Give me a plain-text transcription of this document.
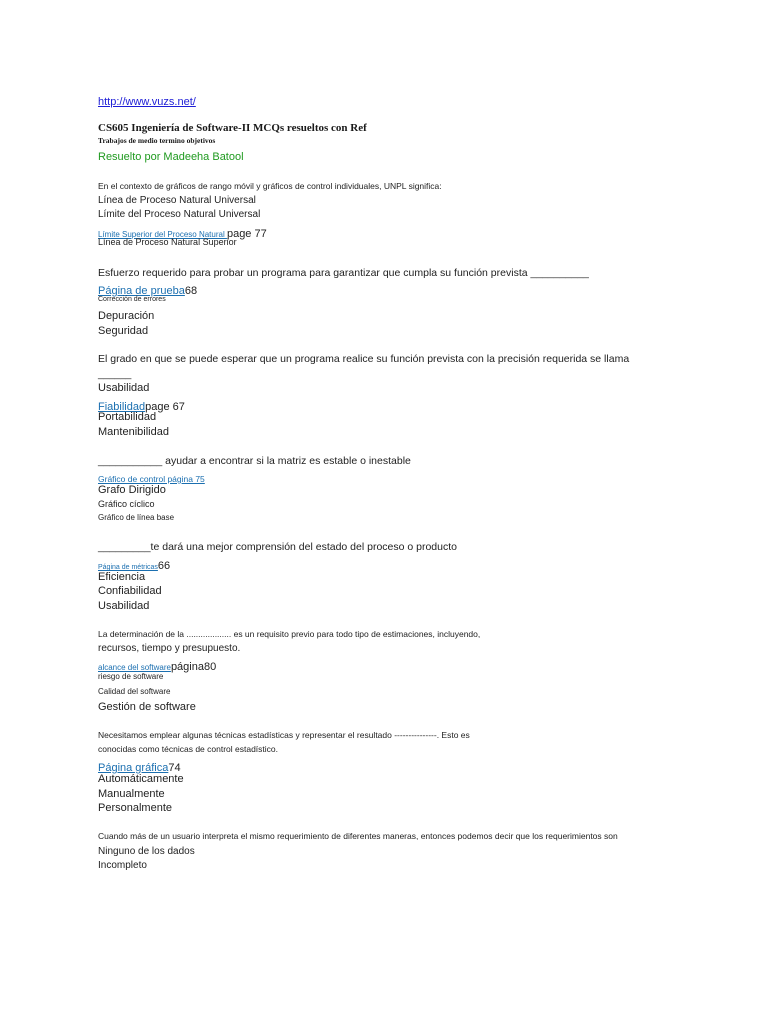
http://www.vuzs.net/
CS605 Ingeniería de Software-II MCQs resueltos con Ref
Trabajos de medio termino objetivos
Resuelto por Madeeha Batool
En el contexto de gráficos de rango móvil y gráficos de control individuales, UNPL significa:
Línea de Proceso Natural Universal
Límite del Proceso Natural Universal
Límite Superior del Proceso Natural page 77
Línea de Proceso Natural Superior
Esfuerzo requerido para probar un programa para garantizar que cumpla su función prevista __________
Página de prueba68
Corrección de errores
Depuración
Seguridad
El grado en que se puede esperar que un programa realice su función prevista con la precisión requerida se llama
______
Usabilidad
Fiabilidadpage 67
Portabilidad
Mantenibilidad
___________ ayudar a encontrar si la matriz es estable o inestable
Gráfico de control página 75
Grafo Dirigido
Gráfico cíclico
Gráfico de línea base
_________te dará una mejor comprensión del estado del proceso o producto
Página de métricas66
Eficiencia
Confiabilidad
Usabilidad
La determinación de la ................... es un requisito previo para todo tipo de estimaciones, incluyendo,
recursos, tiempo y presupuesto.
alcance del softwarepágina80
riesgo de software
Calidad del software
Gestión de software
Necesitamos emplear algunas técnicas estadísticas y representar el resultado ---------------. Esto es
conocidas como técnicas de control estadístico.
Página gráfica74
Automáticamente
Manualmente
Personalmente
Cuando más de un usuario interpreta el mismo requerimiento de diferentes maneras, entonces podemos decir que los requerimientos son
Ninguno de los dados
Incompleto
